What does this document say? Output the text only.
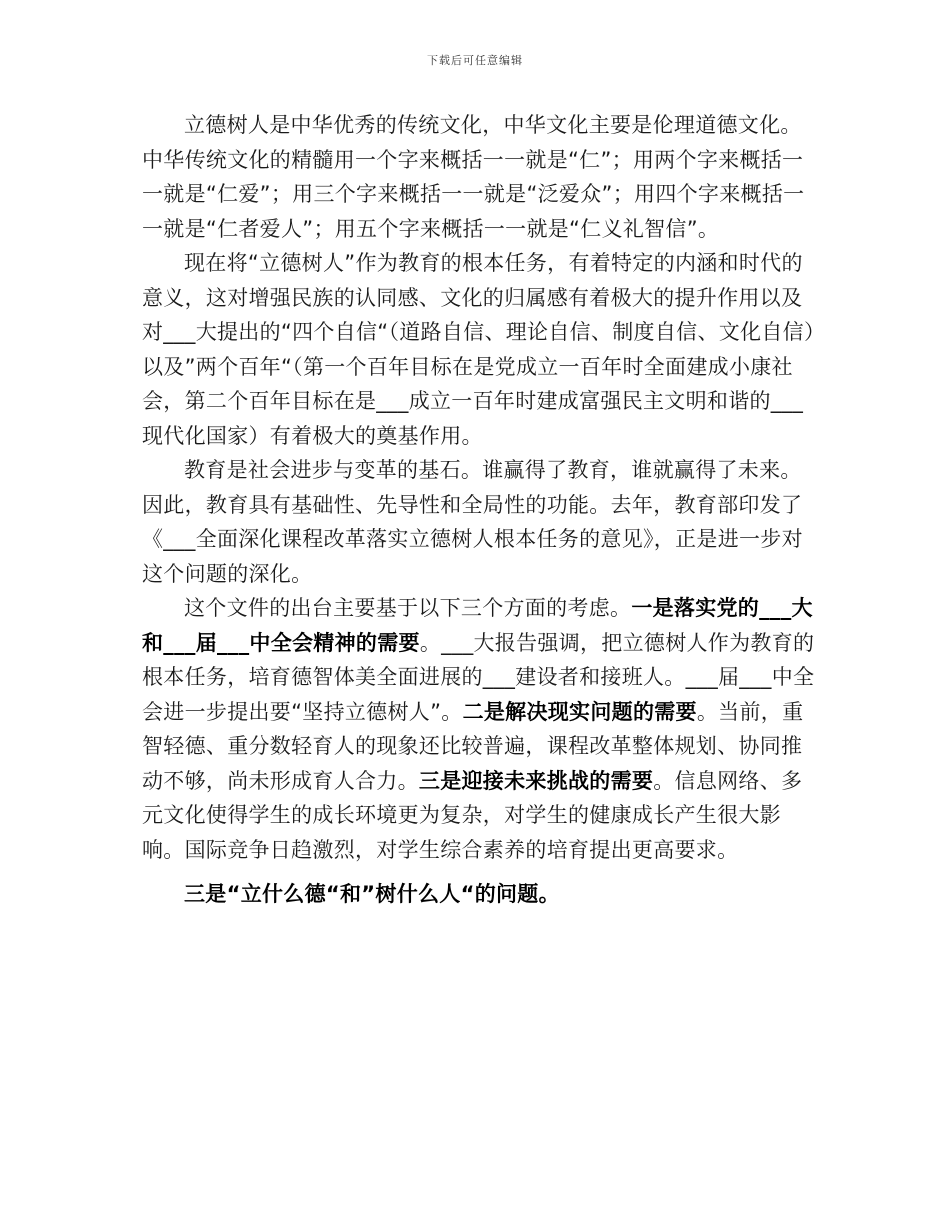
下载后可任意编辑

立德树人是中华优秀的传统文化，中华文化主要是伦理道德文化。中华传统文化的精髓用一个字来概括一一就是“仁”；用两个字来概括一一就是“仁爱”；用三个字来概括一一就是“泛爱众”；用四个字来概括一一就是“仁者爱人”；用五个字来概括一一就是“仁义礼智信”。

现在将“立德树人”作为教育的根本任务，有着特定的内涵和时代的意义，这对增强民族的认同感、文化的归属感有着极大的提升作用以及对___大提出的“四个自信“（道路自信、理论自信、制度自信、文化自信）以及”两个百年“（第一个百年目标在是党成立一百年时全面建成小康社会，第二个百年目标在是___成立一百年时建成富强民主文明和谐的___现代化国家）有着极大的奠基作用。

教育是社会进步与变革的基石。谁赢得了教育，谁就赢得了未来。因此，教育具有基础性、先导性和全局性的功能。去年，教育部印发了《___全面深化课程改革落实立德树人根本任务的意见》，正是进一步对这个问题的深化。

这个文件的出台主要基于以下三个方面的考虑。一是落实党的___大和___届___中全会精神的需要。___大报告强调，把立德树人作为教育的根本任务，培育德智体美全面进展的___建设者和接班人。___届___中全会进一步提出要“坚持立德树人”。二是解决现实问题的需要。当前，重智轻德、重分数轻育人的现象还比较普遍，课程改革整体规划、协同推动不够，尚未形成育人合力。三是迎接未来挑战的需要。信息网络、多元文化使得学生的成长环境更为复杂，对学生的健康成长产生很大影响。国际竞争日趋激烈，对学生综合素养的培育提出更高要求。

三是“立什么德“和”树什么人“的问题。
